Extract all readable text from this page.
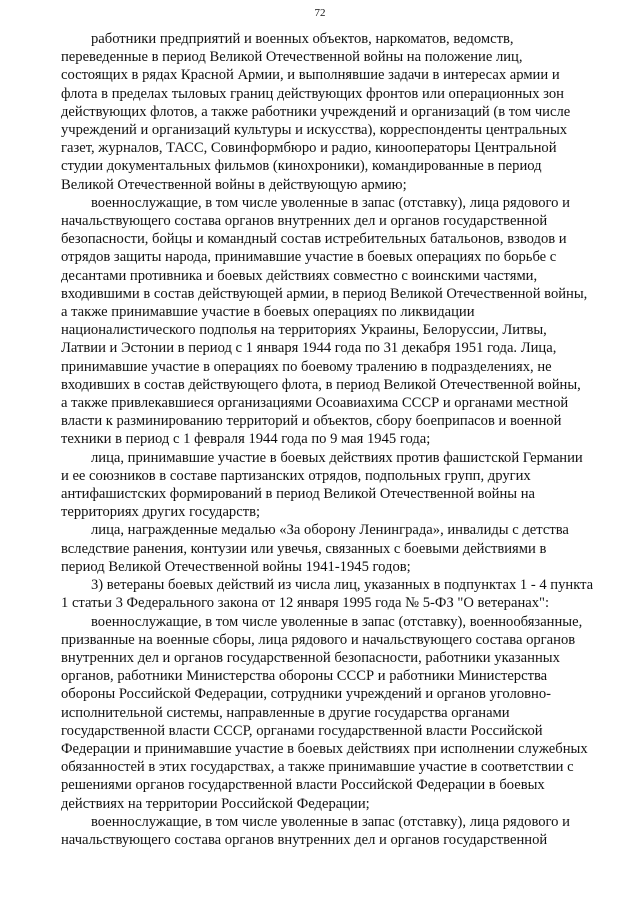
72
работники предприятий и военных объектов, наркоматов, ведомств,
переведенные в период Великой Отечественной войны на положение лиц,
состоящих в рядах Красной Армии, и выполнявшие задачи в интересах армии и
флота в пределах тыловых границ действующих фронтов или операционных зон
действующих флотов, а также работники учреждений и организаций (в том числе
учреждений и организаций культуры и искусства), корреспонденты центральных
газет, журналов, ТАСС, Совинформбюро и радио, кинооператоры Центральной
студии документальных фильмов (кинохроники), командированные в период
Великой Отечественной войны в действующую армию;
военнослужащие, в том числе уволенные в запас (отставку), лица рядового и
начальствующего состава органов внутренних дел и органов государственной
безопасности, бойцы и командный состав истребительных батальонов, взводов и
отрядов защиты народа, принимавшие участие в боевых операциях по борьбе с
десантами противника и боевых действиях совместно с воинскими частями,
входившими в состав действующей армии, в период Великой Отечественной войны,
а также принимавшие участие в боевых операциях по ликвидации
националистического подполья на территориях Украины, Белоруссии, Литвы,
Латвии и Эстонии в период с 1 января 1944 года по 31 декабря 1951 года. Лица,
принимавшие участие в операциях по боевому тралению в подразделениях, не
входивших в состав действующего флота, в период Великой Отечественной войны,
а также привлекавшиеся организациями Осоавиахима СССР и органами местной
власти к разминированию территорий и объектов, сбору боеприпасов и военной
техники в период с 1 февраля 1944 года по 9 мая 1945 года;
лица, принимавшие участие в боевых действиях против фашистской Германии
и ее союзников в составе партизанских отрядов, подпольных групп, других
антифашистских формирований в период Великой Отечественной войны на
территориях других государств;
лица, награжденные медалью «За оборону Ленинграда», инвалиды с детства
вследствие ранения, контузии или увечья, связанных с боевыми действиями в
период Великой Отечественной войны 1941-1945 годов;
3) ветераны боевых действий из числа лиц, указанных в подпунктах 1 - 4 пункта
1 статьи 3 Федерального закона от 12 января 1995 года № 5-ФЗ "О ветеранах":
военнослужащие, в том числе уволенные в запас (отставку), военнообязанные,
призванные на военные сборы, лица рядового и начальствующего состава органов
внутренних дел и органов государственной безопасности, работники указанных
органов, работники Министерства обороны СССР и работники Министерства
обороны Российской Федерации, сотрудники учреждений и органов уголовно-
исполнительной системы, направленные в другие государства органами
государственной власти СССР, органами государственной власти Российской
Федерации и принимавшие участие в боевых действиях при исполнении служебных
обязанностей в этих государствах, а также принимавшие участие в соответствии с
решениями органов государственной власти Российской Федерации в боевых
действиях на территории Российской Федерации;
военнослужащие, в том числе уволенные в запас (отставку), лица рядового и
начальствующего состава органов внутренних дел и органов государственной
